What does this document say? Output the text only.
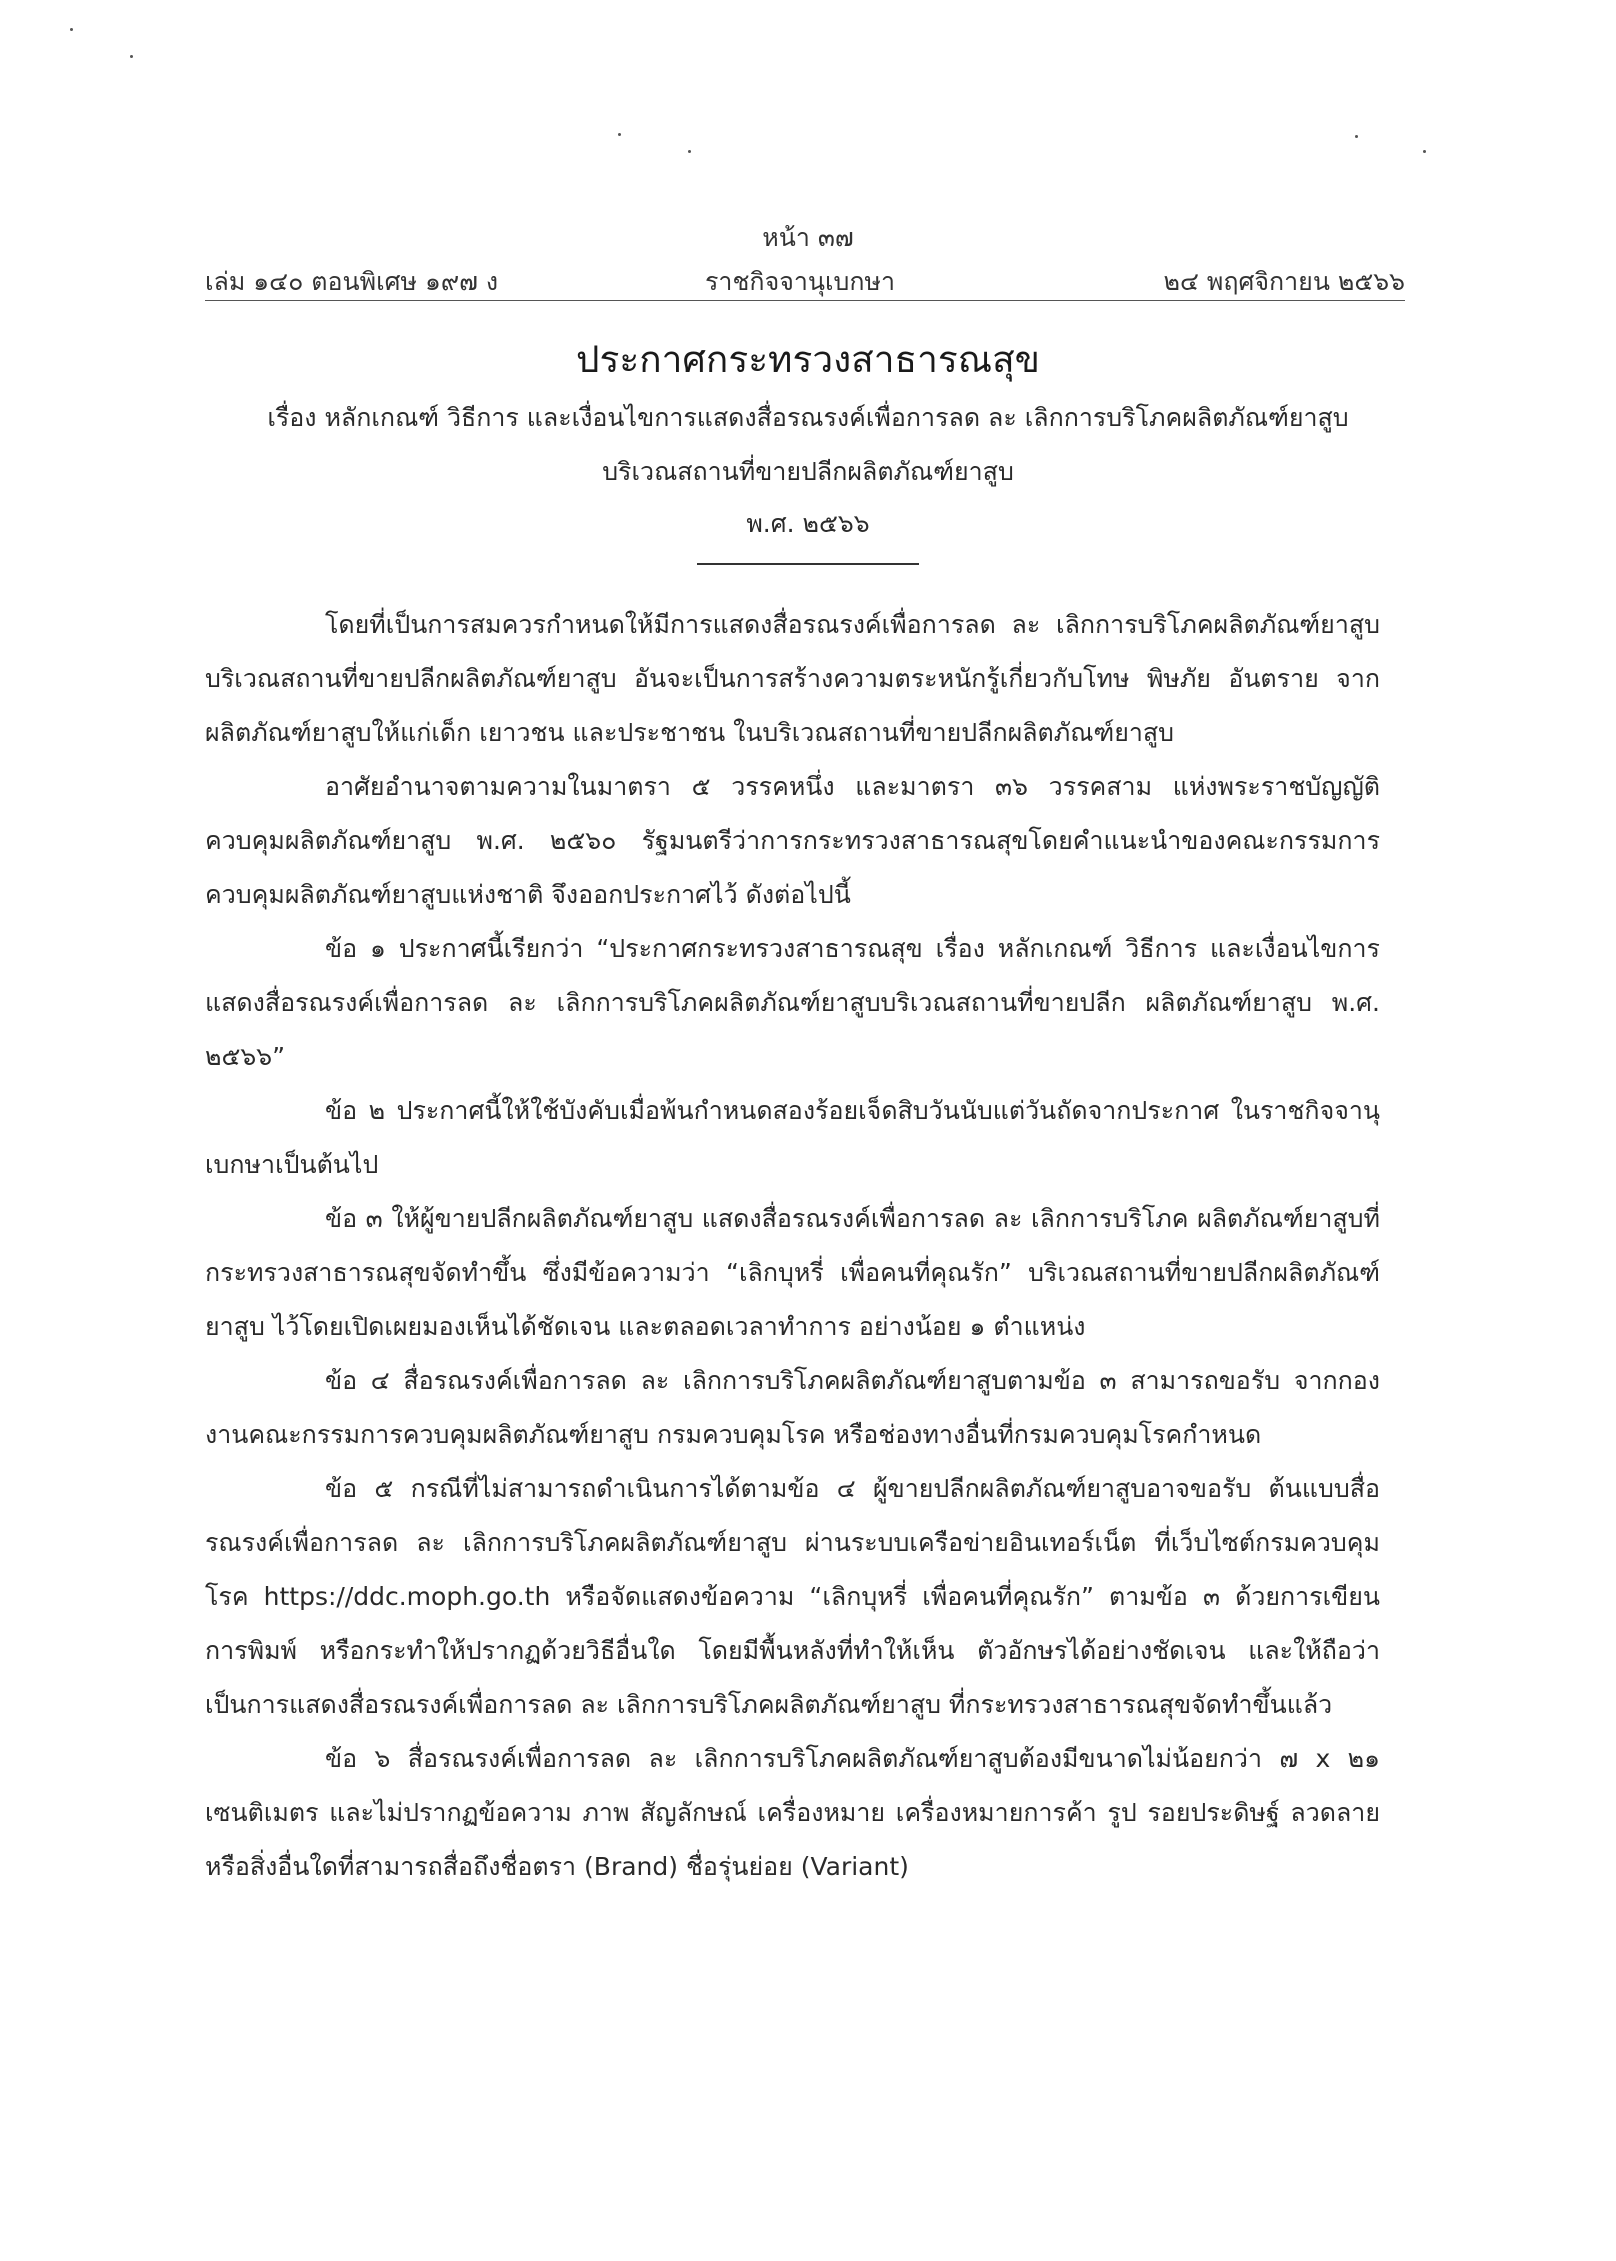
หน้า ๓๗
เล่ม ๑๔๐ ตอนพิเศษ ๑๙๗ ง	ราชกิจจานุเบกษา	๒๔ พฤศจิกายน ๒๕๖๖
ประกาศกระทรวงสาธารณสุข
เรื่อง หลักเกณฑ์ วิธีการ และเงื่อนไขการแสดงสื่อรณรงค์เพื่อการลด ละ เลิกการบริโภคผลิตภัณฑ์ยาสูบ
บริเวณสถานที่ขายปลีกผลิตภัณฑ์ยาสูบ
พ.ศ. ๒๕๖๖

โดยที่เป็นการสมควรกำหนดให้มีการแสดงสื่อรณรงค์เพื่อการลด ละ เลิกการบริโภคผลิตภัณฑ์ยาสูบ บริเวณสถานที่ขายปลีกผลิตภัณฑ์ยาสูบ อันจะเป็นการสร้างความตระหนักรู้เกี่ยวกับโทษ พิษภัย อันตราย จากผลิตภัณฑ์ยาสูบให้แก่เด็ก เยาวชน และประชาชน ในบริเวณสถานที่ขายปลีกผลิตภัณฑ์ยาสูบ

อาศัยอำนาจตามความในมาตรา ๕ วรรคหนึ่ง และมาตรา ๓๖ วรรคสาม แห่งพระราชบัญญัติ ควบคุมผลิตภัณฑ์ยาสูบ พ.ศ. ๒๕๖๐ รัฐมนตรีว่าการกระทรวงสาธารณสุขโดยคำแนะนำของคณะกรรมการ ควบคุมผลิตภัณฑ์ยาสูบแห่งชาติ จึงออกประกาศไว้ ดังต่อไปนี้

ข้อ ๑ ประกาศนี้เรียกว่า “ประกาศกระทรวงสาธารณสุข เรื่อง หลักเกณฑ์ วิธีการ และเงื่อนไขการแสดงสื่อรณรงค์เพื่อการลด ละ เลิกการบริโภคผลิตภัณฑ์ยาสูบบริเวณสถานที่ขายปลีก ผลิตภัณฑ์ยาสูบ พ.ศ. ๒๕๖๖”

ข้อ ๒ ประกาศนี้ให้ใช้บังคับเมื่อพ้นกำหนดสองร้อยเจ็ดสิบวันนับแต่วันถัดจากประกาศ ในราชกิจจานุเบกษาเป็นต้นไป

ข้อ ๓ ให้ผู้ขายปลีกผลิตภัณฑ์ยาสูบ แสดงสื่อรณรงค์เพื่อการลด ละ เลิกการบริโภค ผลิตภัณฑ์ยาสูบที่กระทรวงสาธารณสุขจัดทำขึ้น ซึ่งมีข้อความว่า “เลิกบุหรี่ เพื่อคนที่คุณรัก” บริเวณสถานที่ขายปลีกผลิตภัณฑ์ยาสูบ ไว้โดยเปิดเผยมองเห็นได้ชัดเจน และตลอดเวลาทำการ อย่างน้อย ๑ ตำแหน่ง

ข้อ ๔ สื่อรณรงค์เพื่อการลด ละ เลิกการบริโภคผลิตภัณฑ์ยาสูบตามข้อ ๓ สามารถขอรับ จากกองงานคณะกรรมการควบคุมผลิตภัณฑ์ยาสูบ กรมควบคุมโรค หรือช่องทางอื่นที่กรมควบคุมโรคกำหนด

ข้อ ๕ กรณีที่ไม่สามารถดำเนินการได้ตามข้อ ๔ ผู้ขายปลีกผลิตภัณฑ์ยาสูบอาจขอรับ ต้นแบบสื่อรณรงค์เพื่อการลด ละ เลิกการบริโภคผลิตภัณฑ์ยาสูบ ผ่านระบบเครือข่ายอินเทอร์เน็ต ที่เว็บไซต์กรมควบคุมโรค https://ddc.moph.go.th หรือจัดแสดงข้อความ “เลิกบุหรี่ เพื่อคนที่คุณรัก” ตามข้อ ๓ ด้วยการเขียน การพิมพ์ หรือกระทำให้ปรากฏด้วยวิธีอื่นใด โดยมีพื้นหลังที่ทำให้เห็น ตัวอักษรได้อย่างชัดเจน และให้ถือว่าเป็นการแสดงสื่อรณรงค์เพื่อการลด ละ เลิกการบริโภคผลิตภัณฑ์ยาสูบ ที่กระทรวงสาธารณสุขจัดทำขึ้นแล้ว

ข้อ ๖ สื่อรณรงค์เพื่อการลด ละ เลิกการบริโภคผลิตภัณฑ์ยาสูบต้องมีขนาดไม่น้อยกว่า ๗ x ๒๑ เซนติเมตร และไม่ปรากฏข้อความ ภาพ สัญลักษณ์ เครื่องหมาย เครื่องหมายการค้า รูป รอยประดิษฐ์ ลวดลาย หรือสิ่งอื่นใดที่สามารถสื่อถึงชื่อตรา (Brand) ชื่อรุ่นย่อย (Variant)
